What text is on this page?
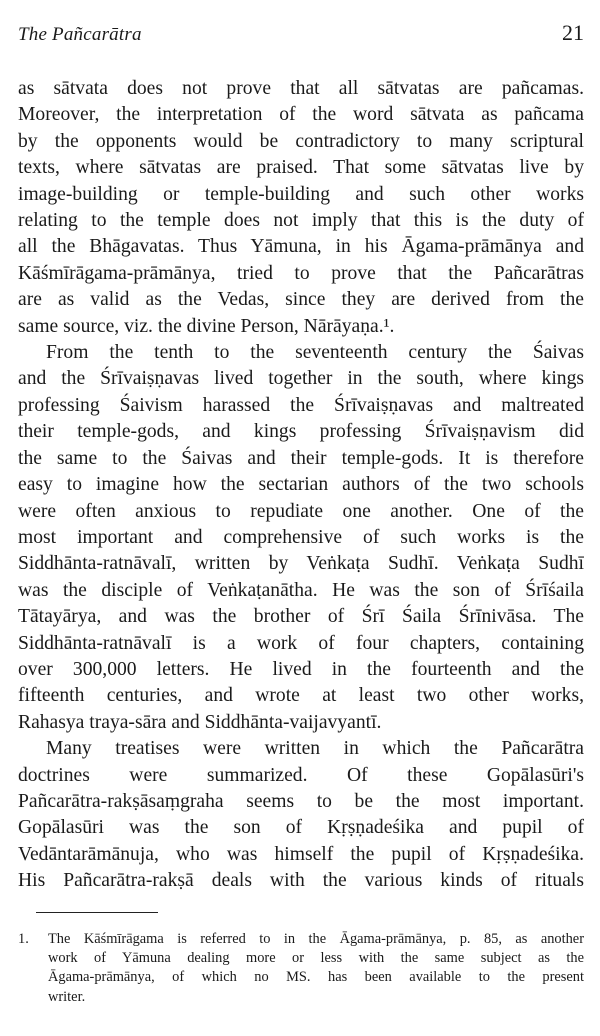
The Pañcarātra	21

as sātvata does not prove that all sātvatas are pañcamas.
Moreover, the interpretation of the word sātvata as pañcama
by the opponents would be contradictory to many scriptural
texts, where sātvatas are praised. That some sātvatas live by
image-building or temple-building and such other works
relating to the temple does not imply that this is the duty of
all the Bhāgavatas. Thus Yāmuna, in his Āgama-prāmānya and
Kāśmīrāgama-prāmānya, tried to prove that the Pañcarātras
are as valid as the Vedas, since they are derived from the
same source, viz. the divine Person, Nārāyaṇa.¹.

From the tenth to the seventeenth century the Śaivas
and the Śrīvaiṣṇavas lived together in the south, where kings
professing Śaivism harassed the Śrīvaiṣṇavas and maltreated
their temple-gods, and kings professing Śrīvaiṣṇavism did
the same to the Śaivas and their temple-gods. It is therefore
easy to imagine how the sectarian authors of the two schools
were often anxious to repudiate one another. One of the
most important and comprehensive of such works is the
Siddhānta-ratnāvalī, written by Veṅkaṭa Sudhī. Veṅkaṭa Sudhī
was the disciple of Veṅkaṭanātha. He was the son of Śrīśaila
Tātayārya, and was the brother of Śrī Śaila Śrīnivāsa. The
Siddhānta-ratnāvalī is a work of four chapters, containing
over 300,000 letters. He lived in the fourteenth and the
fifteenth centuries, and wrote at least two other works,
Rahasya traya-sāra and Siddhānta-vaijavyantī.

Many treatises were written in which the Pañcarātra
doctrines were summarized. Of these Gopālasūri's
Pañcarātra-rakṣāsaṃgraha seems to be the most important.
Gopālasūri was the son of Kṛṣṇadeśika and pupil of
Vedāntarāmānuja, who was himself the pupil of Kṛṣṇadeśika.
His Pañcarātra-rakṣā deals with the various kinds of rituals

1. The Kāśmīrāgama is referred to in the Āgama-prāmānya, p. 85, as another
work of Yāmuna dealing more or less with the same subject as the
Āgama-prāmānya, of which no MS. has been available to the present
writer.
